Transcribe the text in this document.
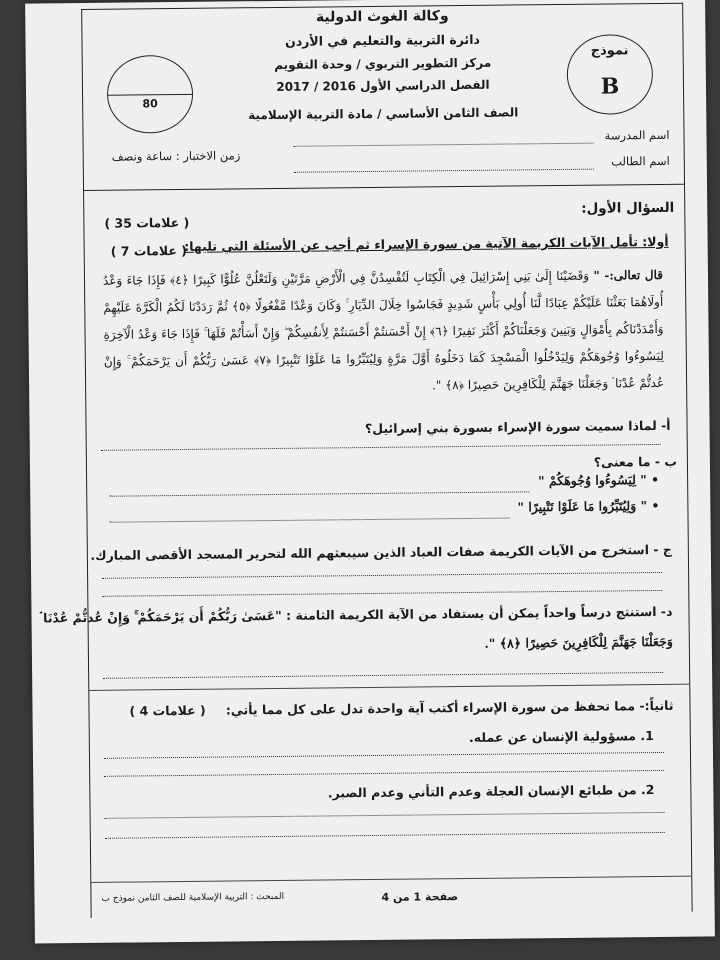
وكالة الغوث الدولية
دائرة التربية والتعليم في الأردن
مركز التطوير التربوي / وحدة التقويم
الفصل الدراسي الأول 2016 / 2017
الصف الثامن الأساسي / مادة التربية الإسلامية
نموذج
B
80
اسم المدرسة
اسم الطالب
زمن الاختبار : ساعة ونصف
السؤال الأول:
( 35 علامات )
أولا: تأمل الآيات الكريمة الآتية من سورة الإسراء ثم أجب عن الأسئلة التي تليها:
( 7 علامات )
قال تعالى:- " وَقَضَيْنَا إِلَىٰ بَنِي إِسْرَائِيلَ فِي الْكِتَابِ لَتُفْسِدُنَّ فِي الْأَرْضِ مَرَّتَيْنِ وَلَتَعْلُنَّ عُلُوًّا كَبِيرًا ﴿٤﴾ فَإِذَا جَاءَ وَعْدُ أُولَاهُمَا بَعَثْنَا عَلَيْكُمْ عِبَادًا لَّنَا أُولِي بَأْسٍ شَدِيدٍ فَجَاسُوا خِلَالَ الدِّيَارِ ۚ وَكَانَ وَعْدًا مَّفْعُولًا ﴿٥﴾ ثُمَّ رَدَدْنَا لَكُمُ الْكَرَّةَ عَلَيْهِمْ وَأَمْدَدْنَاكُم بِأَمْوَالٍ وَبَنِينَ وَجَعَلْنَاكُمْ أَكْثَرَ نَفِيرًا ﴿٦﴾ إِنْ أَحْسَنتُمْ أَحْسَنتُمْ لِأَنفُسِكُمْ ۖ وَإِنْ أَسَأْتُمْ فَلَهَا ۚ فَإِذَا جَاءَ وَعْدُ الْآخِرَةِ لِيَسُوءُوا وُجُوهَكُمْ وَلِيَدْخُلُوا الْمَسْجِدَ كَمَا دَخَلُوهُ أَوَّلَ مَرَّةٍ وَلِيُتَبِّرُوا مَا عَلَوْا تَتْبِيرًا ﴿٧﴾ عَسَىٰ رَبُّكُمْ أَن يَرْحَمَكُمْ ۚ وَإِنْ عُدتُّمْ عُدْنَا ۘ وَجَعَلْنَا جَهَنَّمَ لِلْكَافِرِينَ حَصِيرًا ﴿٨﴾ ".
أ- لماذا سميت سورة الإسراء بسورة بني إسرائيل؟
ب - ما معنى؟
• " لِيَسُوءُوا وُجُوهَكُمْ "
• " وَلِيُتَبِّرُوا مَا عَلَوْا تَتْبِيرًا "
ج - استخرج من الآيات الكريمة صفات العباد الذين سيبعثهم الله لتحرير المسجد الأقصى المبارك.
د- استنتج درساً واحداً يمكن أن يستفاد من الآية الكريمة الثامنة : "عَسَىٰ رَبُّكُمْ أَن يَرْحَمَكُمْ ۚ وَإِنْ عُدتُّمْ عُدْنَا ۘ
وَجَعَلْنَا جَهَنَّمَ لِلْكَافِرِينَ حَصِيرًا ﴿٨﴾ ".
ثانياً:- مما تحفظ من سورة الإسراء أكتب آية واحدة تدل على كل مما يأتي:
( 4 علامات )
1. مسؤولية الإنسان عن عمله.
2. من طبائع الإنسان العجلة وعدم التأني وعدم الصبر.
المبحث : التربية الإسلامية للصف الثامن نموذج ب	صفحة 1 من 4
